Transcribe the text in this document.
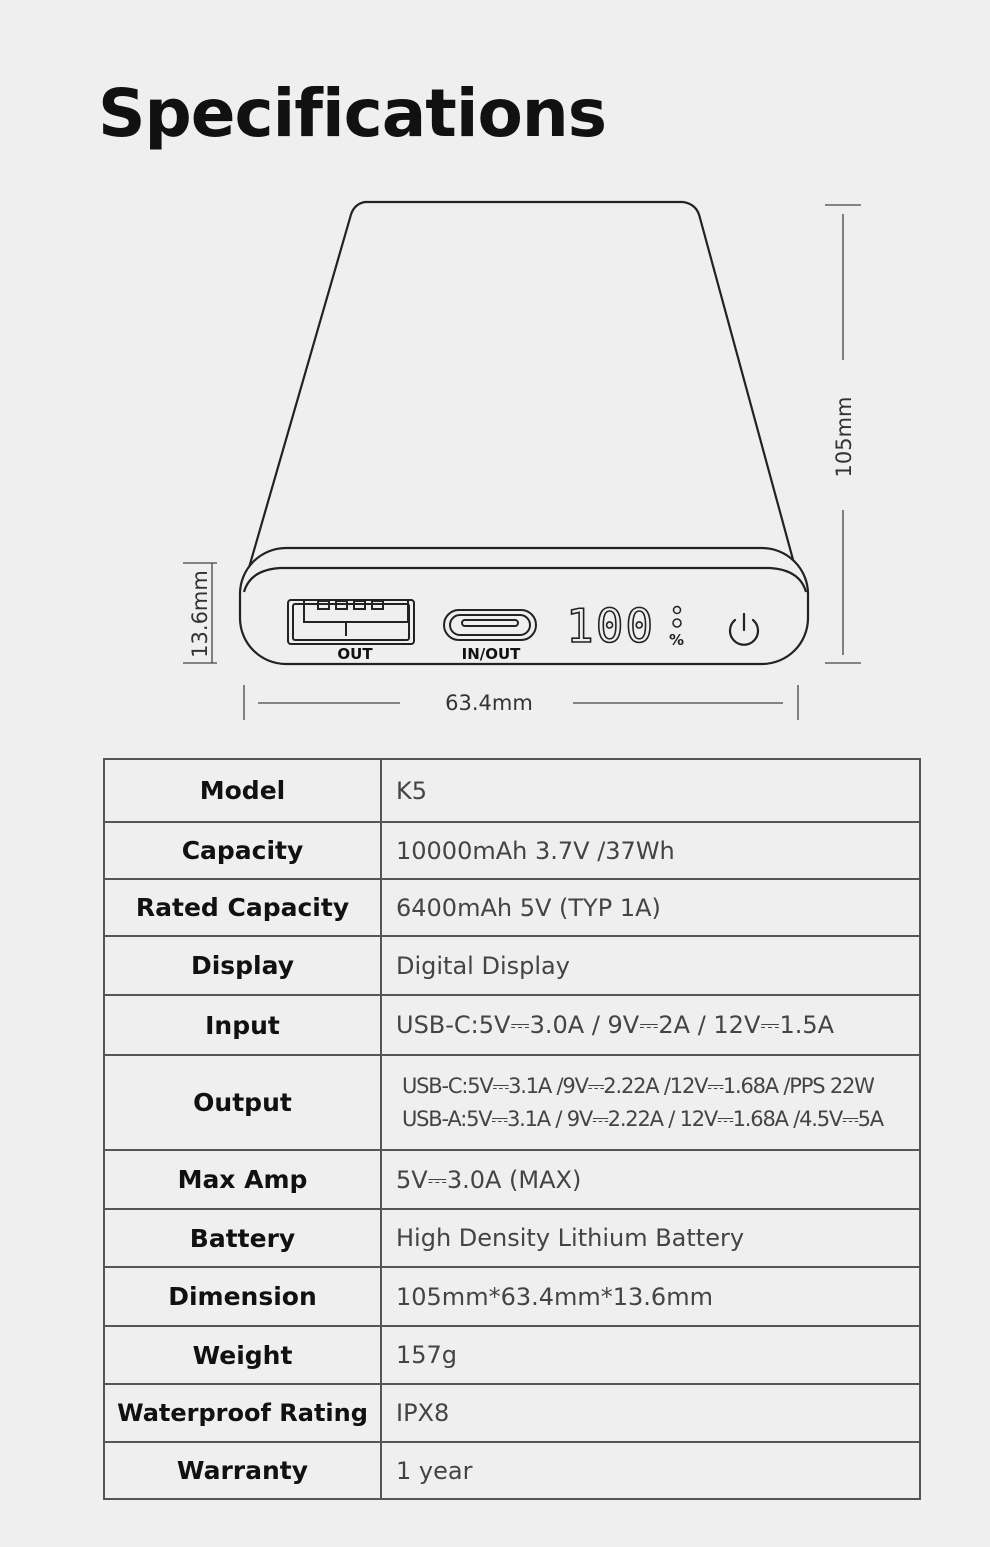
Specifications
OUT	IN/OUT
100 %
105mm
13.6mm
63.4mm
Model	K5
Capacity	10000mAh 3.7V /37Wh
Rated Capacity	6400mAh 5V (TYP 1A)
Display	Digital Display
Input	USB-C:5V⎓3.0A / 9V⎓2A / 12V⎓1.5A
Output	USB-C:5V⎓3.1A /9V⎓2.22A /12V⎓1.68A /PPS 22W
USB-A:5V⎓3.1A / 9V⎓2.22A / 12V⎓1.68A /4.5V⎓5A

Max Amp	5V⎓3.0A (MAX)
Battery	High Density Lithium Battery
Dimension	105mm*63.4mm*13.6mm
Weight	157g
Waterproof Rating	IPX8
Warranty	1 year
